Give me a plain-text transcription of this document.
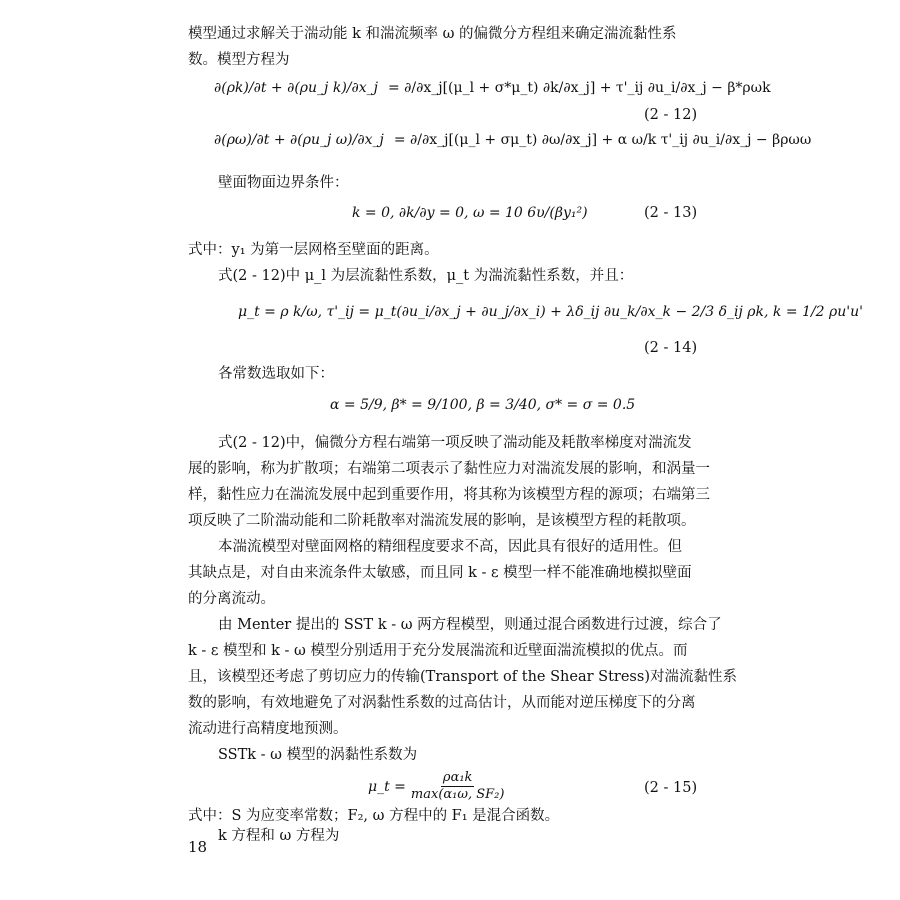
模型通过求解关于湍动能 k 和湍流频率 ω 的偏微分方程组来确定湍流黏性系
数。模型方程为
∂(ρk)/∂t + ∂(ρu_j k)/∂x_j = ∂/∂x_j[(μ_l + σ*μ_t) ∂k/∂x_j] + τ'_ij ∂u_i/∂x_j − β*ρωk
∂(ρω)/∂t + ∂(ρu_j ω)/∂x_j = ∂/∂x_j[(μ_l + σμ_t) ∂ω/∂x_j] + α ω/k τ'_ij ∂u_i/∂x_j − βρωω
(2 - 12)
壁面物面边界条件：
k = 0, ∂k/∂y = 0, ω = 10 6υ/(βy₁²)	(2 - 13)
式中：y₁ 为第一层网格至壁面的距离。
式(2 - 12)中 μ_l 为层流黏性系数，μ_t 为湍流黏性系数，并且：
μ_t = ρ k/ω, τ'_ij = μ_t(∂u_i/∂x_j + ∂u_j/∂x_i) + λδ_ij ∂u_k/∂x_k − 2/3 δ_ij ρk, k = 1/2 ρu'u'
(2 - 14)
各常数选取如下：
α = 5/9, β* = 9/100, β = 3/40, σ* = σ = 0.5
式(2 - 12)中，偏微分方程右端第一项反映了湍动能及耗散率梯度对湍流发
展的影响，称为扩散项；右端第二项表示了黏性应力对湍流发展的影响，和涡量一
样，黏性应力在湍流发展中起到重要作用，将其称为该模型方程的源项；右端第三
项反映了二阶湍动能和二阶耗散率对湍流发展的影响，是该模型方程的耗散项。
本湍流模型对壁面网格的精细程度要求不高，因此具有很好的适用性。但
其缺点是，对自由来流条件太敏感，而且同 k - ε 模型一样不能准确地模拟壁面
的分离流动。
由 Menter 提出的 SST k - ω 两方程模型，则通过混合函数进行过渡，综合了
k - ε 模型和 k - ω 模型分别适用于充分发展湍流和近壁面湍流模拟的优点。而
且，该模型还考虑了剪切应力的传输(Transport of the Shear Stress)对湍流黏性系
数的影响，有效地避免了对涡黏性系数的过高估计，从而能对逆压梯度下的分离
流动进行高精度地预测。
SSTk - ω 模型的涡黏性系数为
μ_t = $\frac{\text{ρα₁k}}{\text{max(α₁ω, SF₂)}}$	(2 - 15)
式中：S 为应变率常数；F₂, ω 方程中的 F₁ 是混合函数。
k 方程和 ω 方程为
18
